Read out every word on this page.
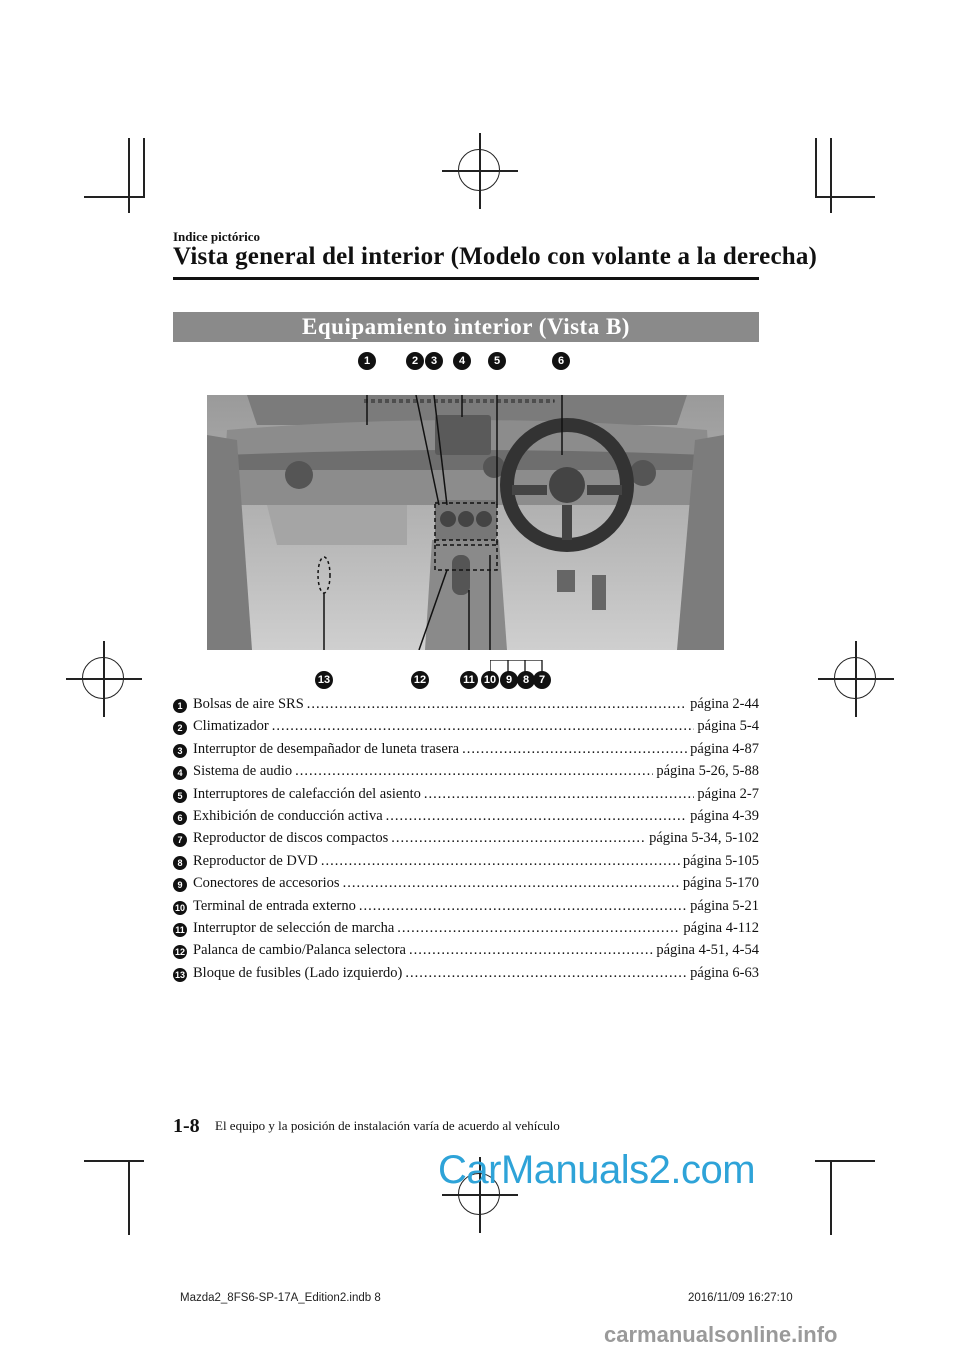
Indice pictórico
Vista general del interior (Modelo con volante a la derecha)
Equipamiento interior (Vista B)
1	2	3	4	5	6
13	12	11 10 9 8 7
1 Bolsas de aire SRS .....	página 2-44
2 Climatizador .....	página 5-4
3 Interruptor de desempañador de luneta trasera .....	página 4-87
4 Sistema de audio .....	página 5-26, 5-88
5 Interruptores de calefacción del asiento .....	página 2-7
6 Exhibición de conducción activa .....	página 4-39
7 Reproductor de discos compactos .....	página 5-34, 5-102
8 Reproductor de DVD .....	página 5-105
9 Conectores de accesorios .....	página 5-170
10 Terminal de entrada externo .....	página 5-21
11 Interruptor de selección de marcha .....	página 4-112
12 Palanca de cambio/Palanca selectora .....	página 4-51, 4-54
13 Bloque de fusibles (Lado izquierdo) .....	página 6-63
1-8 El equipo y la posición de instalación varía de acuerdo al vehículo
CarManuals2.com
Mazda2_8FS6-SP-17A_Edition2.indb 8	2016/11/09 16:27:10
carmanualsonline.info
